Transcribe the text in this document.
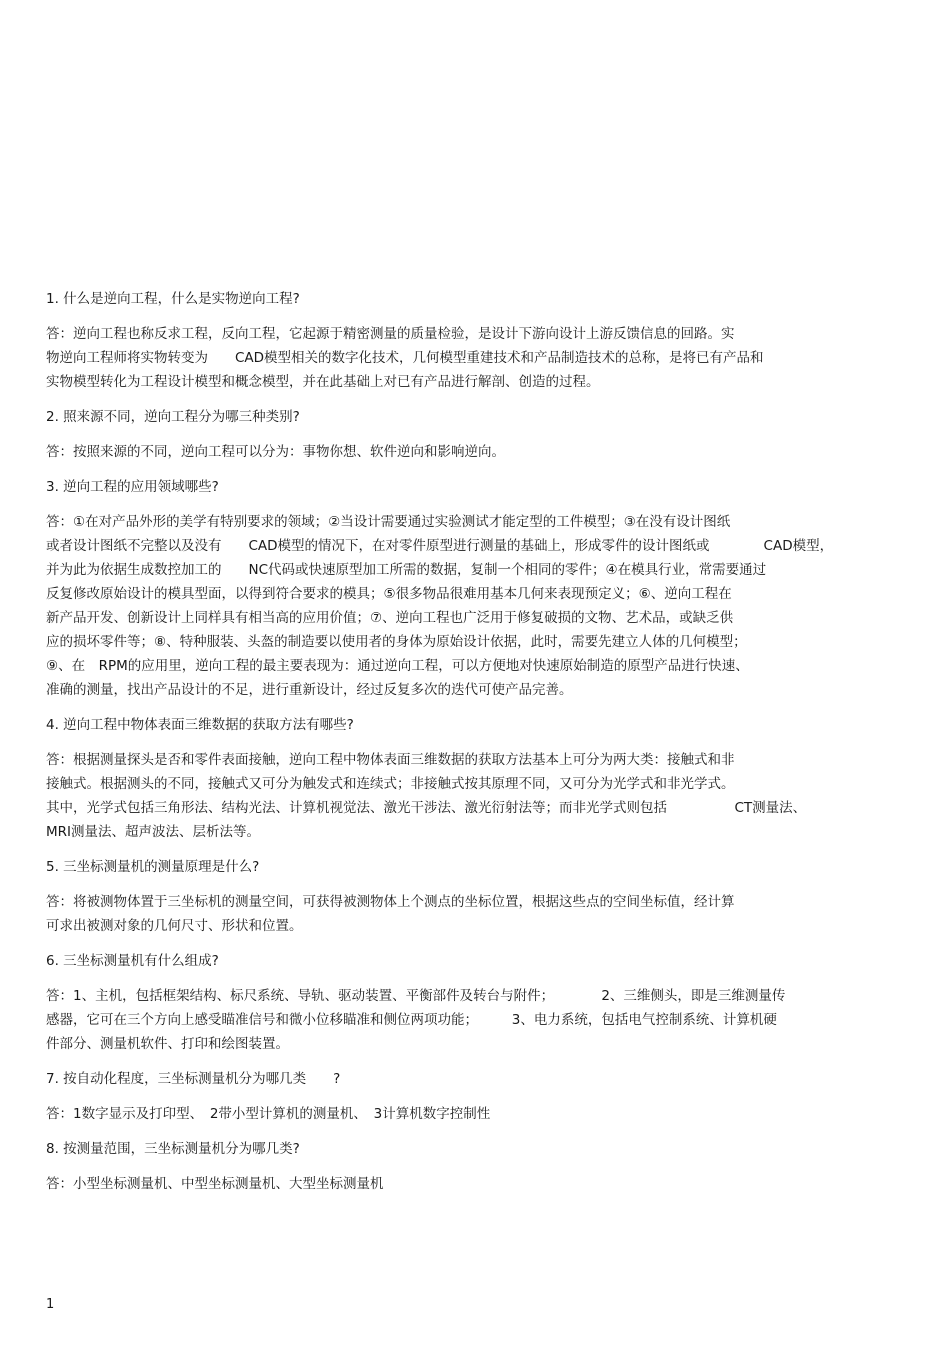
1. 什么是逆向工程，什么是实物逆向工程?
答：逆向工程也称反求工程，反向工程，它起源于精密测量的质量检验，是设计下游向设计上游反馈信息的回路。实
物逆向工程师将实物转变为　　CAD模型相关的数字化技术，几何模型重建技术和产品制造技术的总称，是将已有产品和
实物模型转化为工程设计模型和概念模型，并在此基础上对已有产品进行解剖、创造的过程。
2. 照来源不同，逆向工程分为哪三种类别?
答：按照来源的不同，逆向工程可以分为：事物你想、软件逆向和影响逆向。
3. 逆向工程的应用领域哪些?
答：①在对产品外形的美学有特别要求的领域；②当设计需要通过实验测试才能定型的工件模型；③在没有设计图纸
或者设计图纸不完整以及没有　　CAD模型的情况下，在对零件原型进行测量的基础上，形成零件的设计图纸或　　　　CAD模型，
并为此为依据生成数控加工的　　NC代码或快速原型加工所需的数据，复制一个相同的零件；④在模具行业，常需要通过
反复修改原始设计的模具型面，以得到符合要求的模具；⑤很多物品很难用基本几何来表现预定义；⑥、逆向工程在
新产品开发、创新设计上同样具有相当高的应用价值；⑦、逆向工程也广泛用于修复破损的文物、艺术品，或缺乏供
应的损坏零件等；⑧、特种服装、头盔的制造要以使用者的身体为原始设计依据，此时，需要先建立人体的几何模型；
⑨、在　RPM的应用里，逆向工程的最主要表现为：通过逆向工程，可以方便地对快速原始制造的原型产品进行快速、
准确的测量，找出产品设计的不足，进行重新设计，经过反复多次的迭代可使产品完善。
4. 逆向工程中物体表面三维数据的获取方法有哪些?
答：根据测量探头是否和零件表面接触，逆向工程中物体表面三维数据的获取方法基本上可分为两大类：接触式和非
接触式。根据测头的不同，接触式又可分为触发式和连续式；非接触式按其原理不同，又可分为光学式和非光学式。
其中，光学式包括三角形法、结构光法、计算机视觉法、激光干涉法、激光衍射法等；而非光学式则包括　　　　　CT测量法、
MRI测量法、超声波法、层析法等。
5. 三坐标测量机的测量原理是什么?
答：将被测物体置于三坐标机的测量空间，可获得被测物体上个测点的坐标位置，根据这些点的空间坐标值，经计算
可求出被测对象的几何尺寸、形状和位置。
6. 三坐标测量机有什么组成?
答：1、主机，包括框架结构、标尺系统、导轨、驱动装置、平衡部件及转台与附件；　　　　2、三维侧头，即是三维测量传
感器，它可在三个方向上感受瞄准信号和微小位移瞄准和侧位两项功能；　　　3、电力系统，包括电气控制系统、计算机硬
件部分、测量机软件、打印和绘图装置。
7. 按自动化程度，三坐标测量机分为哪几类　　?
答：1数字显示及打印型、　2带小型计算机的测量机、　3计算机数字控制性
8. 按测量范围，三坐标测量机分为哪几类?
答：小型坐标测量机、中型坐标测量机、大型坐标测量机
1
